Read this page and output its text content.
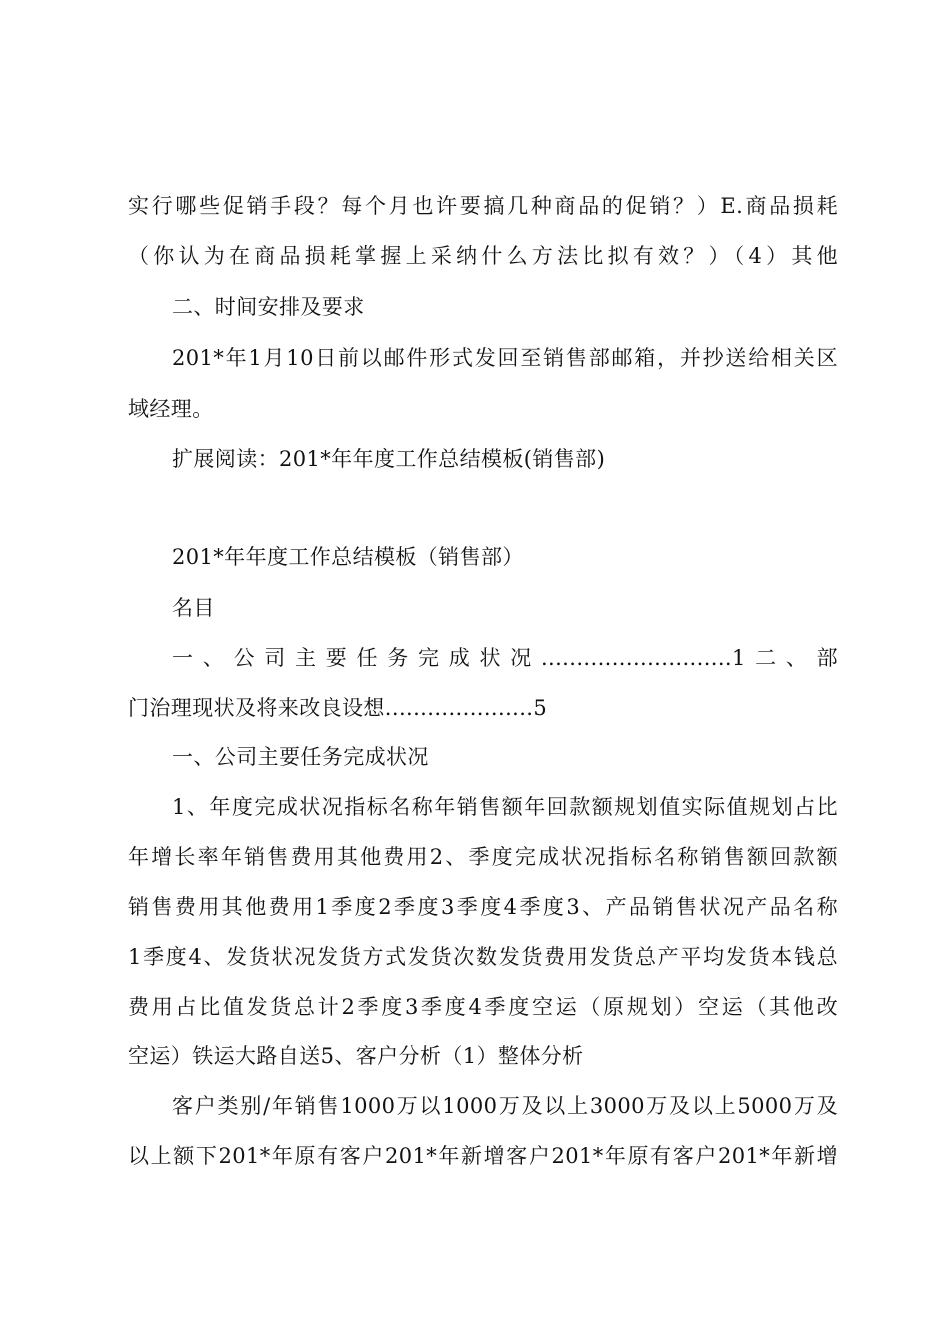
实行哪些促销手段？每个月也许要搞几种商品的促销？）E.商品损耗
（你认为在商品损耗掌握上采纳什么方法比拟有效？）（4）其他
二、时间安排及要求
201*年1月10日前以邮件形式发回至销售部邮箱，并抄送给相关区
域经理。
扩展阅读：201*年年度工作总结模板(销售部)
201*年年度工作总结模板（销售部）
名目
一、公司主要任务完成状况...........................1二、部
门治理现状及将来改良设想.....................5
一、公司主要任务完成状况
1、年度完成状况指标名称年销售额年回款额规划值实际值规划占比
年增长率年销售费用其他费用2、季度完成状况指标名称销售额回款额
销售费用其他费用1季度2季度3季度4季度3、产品销售状况产品名称
1季度4、发货状况发货方式发货次数发货费用发货总产平均发货本钱总
费用占比值发货总计2季度3季度4季度空运（原规划）空运（其他改
空运）铁运大路自送5、客户分析（1）整体分析
客户类别/年销售1000万以1000万及以上3000万及以上5000万及
以上额下201*年原有客户201*年新增客户201*年原有客户201*年新增
